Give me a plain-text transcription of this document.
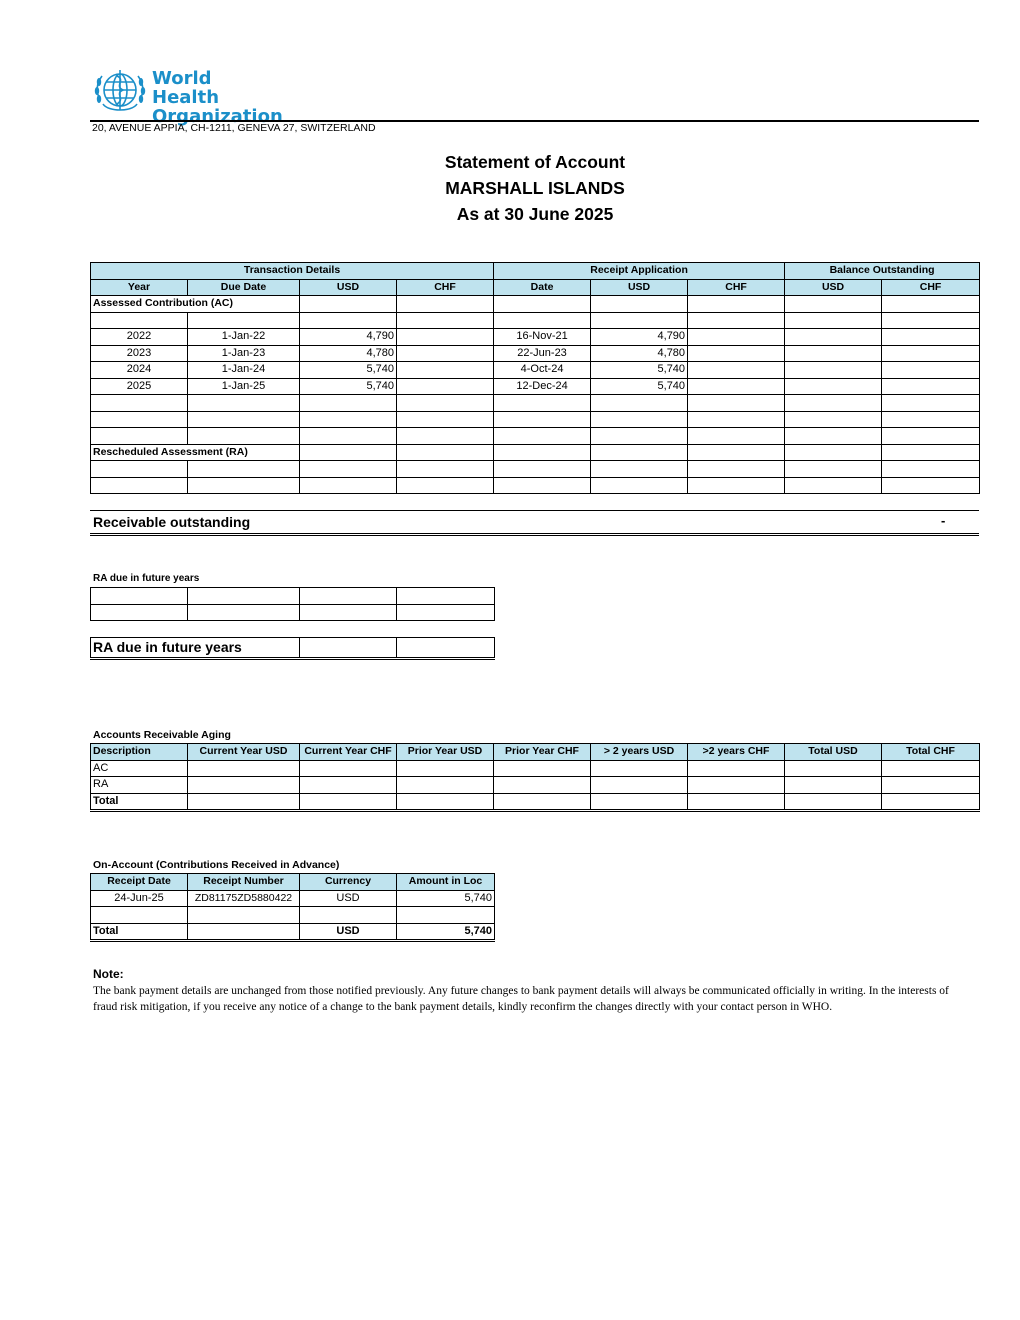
World Health
Organization
20, AVENUE APPIA, CH-1211, GENEVA 27, SWITZERLAND
Statement of Account
MARSHALL ISLANDS
As at 30 June 2025
Transaction Details				Receipt Application			Balance Outstanding	
Year	Due Date	USD	CHF	Date	USD	CHF	USD	CHF
Assessed Contribution (AC)								

2022	1-Jan-22	4,790		16-Nov-21	4,790			
2023	1-Jan-23	4,780		22-Jun-23	4,780			
2024	1-Jan-24	5,740		4-Oct-24	5,740			
2025	1-Jan-25	5,740		12-Dec-24	5,740			

Rescheduled Assessment (RA)								

Receivable outstanding	-
RA due in future years

RA due in future years		
Accounts Receivable Aging
Description	Current Year USD	Current Year CHF	Prior Year USD	Prior Year CHF	> 2 years USD	>2 years CHF	Total USD	Total CHF
AC								
RA								
Total								
On-Account (Contributions Received in Advance)
Receipt Date	Receipt Number	Currency	Amount in Loc
24-Jun-25	ZD81175ZD5880422	USD	5,740

Total		USD	5,740
Note:
The bank payment details are unchanged from those notified previously. Any future changes to bank payment details will always be communicated officially in writing. In the interests of fraud risk mitigation, if you receive any notice of a change to the bank payment details, kindly reconfirm the changes directly with your contact person in WHO.
